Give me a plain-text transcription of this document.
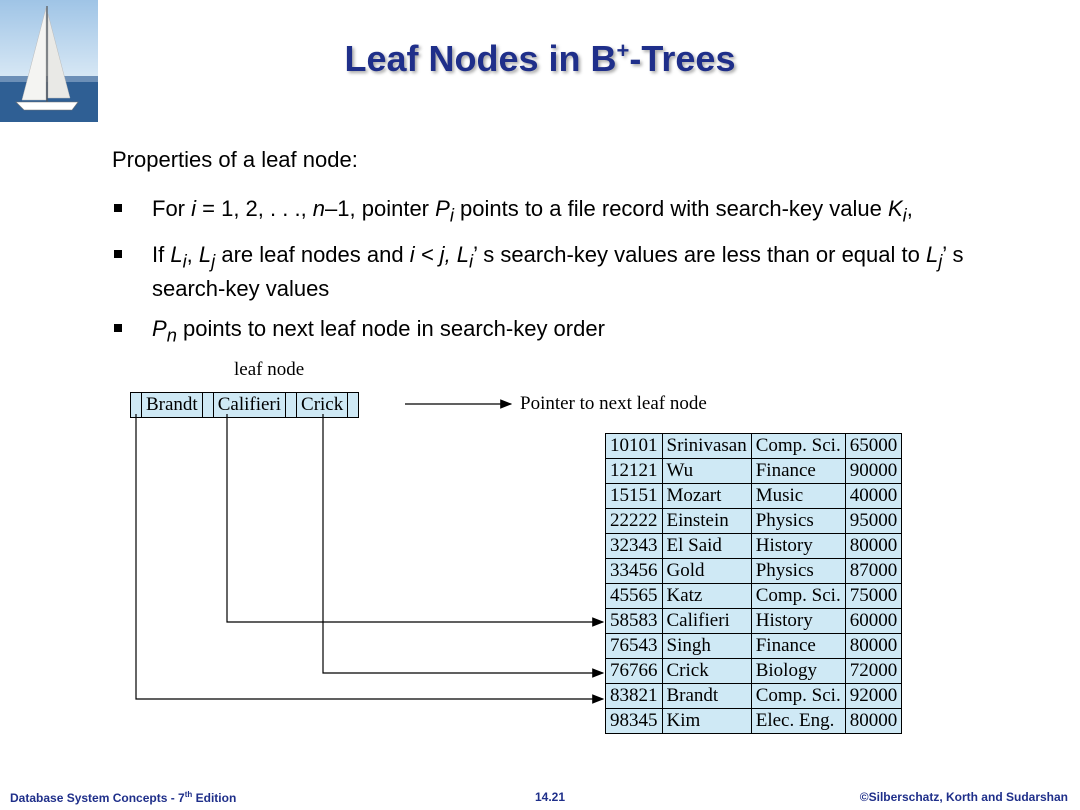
Leaf Nodes in B+-Trees
Properties of a leaf node:
For i = 1, 2, . . ., n–1, pointer $P_i$ points to a file record with search-key value $K_i$,
If $L_i$, $L_j$ are leaf nodes and i < j, $L_i$’ s search-key values are less than or equal to $L_j$’ s search-key values
$P_n$ points to next leaf node in search-key order
leaf node
Pointer to next leaf node
Brandt Califieri Crick
10101	Srinivasan	Comp. Sci.	65000
12121	Wu	Finance	90000
15151	Mozart	Music	40000
22222	Einstein	Physics	95000
32343	El Said	History	80000
33456	Gold	Physics	87000
45565	Katz	Comp. Sci.	75000
58583	Califieri	History	60000
76543	Singh	Finance	80000
76766	Crick	Biology	72000
83821	Brandt	Comp. Sci.	92000
98345	Kim	Elec. Eng.	80000
Database System Concepts - 7th Edition	14.21	©Silberschatz, Korth and Sudarshan
